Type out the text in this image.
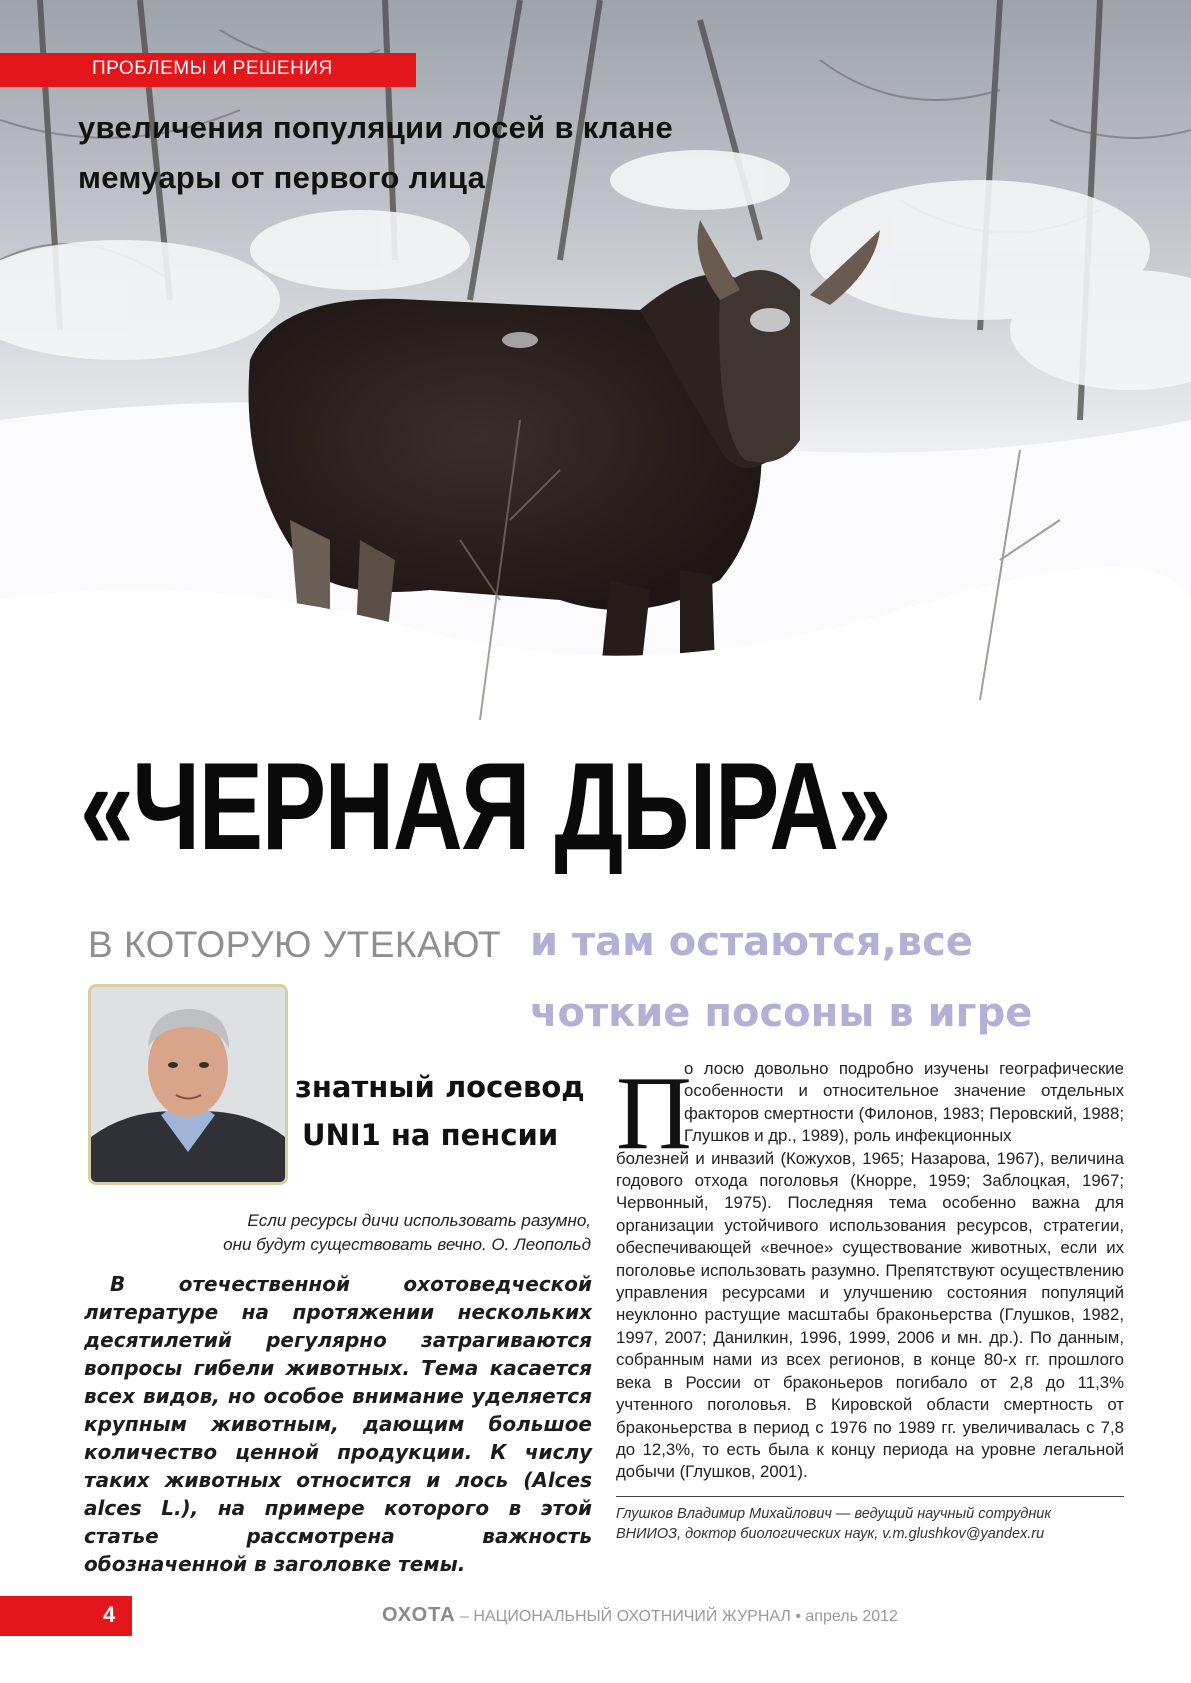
ПРОБЛЕМЫ И РЕШЕНИЯ
увеличения популяции лосей в клане
мемуары от первого лица
«ЧЕРНАЯ ДЫРА»
В КОТОРУЮ УТЕКАЮТ и там остаются,все
чоткие посоны в игре
знатный лосевод
UNI1 на пенсии
Если ресурсы дичи использовать разумно,
они будут существовать вечно. О. Леопольд
В отечественной охотоведческой литературе на протяжении нескольких десятилетий регулярно затрагиваются вопросы гибели животных. Тема касается всех видов, но особое внимание уделяется крупным животным, дающим большое количество ценной продукции. К числу таких животных относится и лось (Alces alces L.), на примере которого в этой статье рассмотрена важность обозначенной в заголовке темы.
П

о лосю довольно подробно изучены географические особенности и относительное значение отдельных факторов смертности (Филонов, 1983; Перовский, 1988; Глушков и др., 1989), роль инфекционных

болезней и инвазий (Кожухов, 1965; Назарова, 1967), величина годового отхода поголовья (Кнорре, 1959; Заблоцкая, 1967; Червонный, 1975). Последняя тема особенно важна для организации устойчивого использования ресурсов, стратегии, обеспечивающей «вечное» существование животных, если их поголовье использовать разумно. Препятствуют осуществлению управления ресурсами и улучшению состояния популяций неуклонно растущие масштабы браконьерства (Глушков, 1982, 1997, 2007; Данилкин, 1996, 1999, 2006 и мн. др.). По данным, собранным нами из всех регионов, в конце 80-х гг. прошлого века в России от браконьеров погибало от 2,8 до 11,3% учтенного поголовья. В Кировской области смертность от браконьерства в период с 1976 по 1989 гг. увеличивалась с 7,8 до 12,3%, то есть была к концу периода на уровне легальной добычи (Глушков, 2001).

Глушков Владимир Михайлович — ведущий научный сотрудник
ВНИИОЗ, доктор биологических наук, v.m.glushkov@yandex.ru
4	ОХОТА – НАЦИОНАЛЬНЫЙ ОХОТНИЧИЙ ЖУРНАЛ • апрель 2012
